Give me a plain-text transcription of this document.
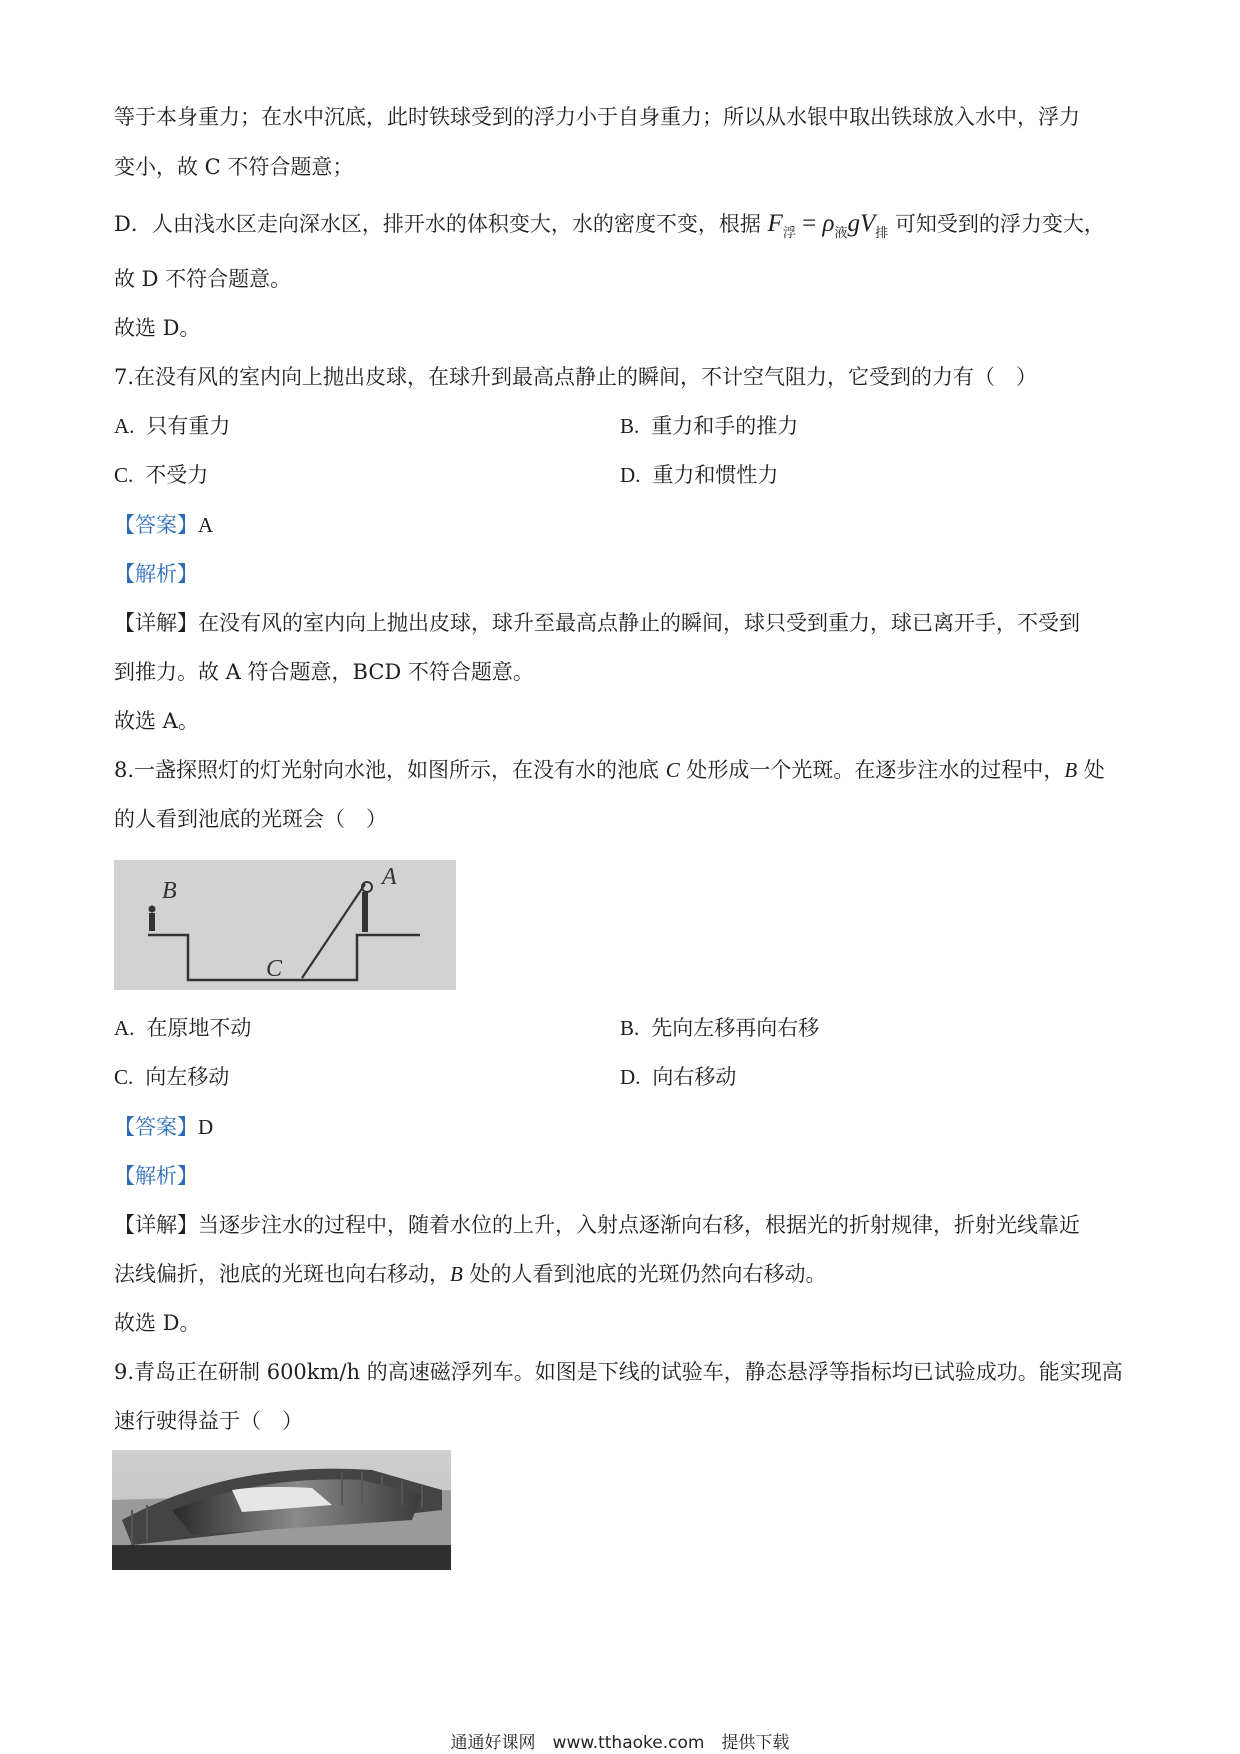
等于本身重力；在水中沉底，此时铁球受到的浮力小于自身重力；所以从水银中取出铁球放入水中，浮力
变小，故 C 不符合题意；
D．人由浅水区走向深水区，排开水的体积变大，水的密度不变，根据 $F_浮 = \rho_液gV_排$ 可知受到的浮力变大，
故 D 不符合题意。
故选 D。
7.在没有风的室内向上抛出皮球，在球升到最高点静止的瞬间，不计空气阻力，它受到的力有（　）
A. 只有重力	B. 重力和手的推力
C. 不受力	D. 重力和惯性力
【答案】A
【解析】
【详解】在没有风的室内向上抛出皮球，球升至最高点静止的瞬间，球只受到重力，球已离开手，不受到
到推力。故 A 符合题意，BCD 不符合题意。
故选 A。
8.一盏探照灯的灯光射向水池，如图所示，在没有水的池底 C 处形成一个光斑。在逐步注水的过程中，B 处
的人看到池底的光斑会（　）
B
A
C
A. 在原地不动	B. 先向左移再向右移
C. 向左移动	D. 向右移动
【答案】D
【解析】
【详解】当逐步注水的过程中，随着水位的上升，入射点逐渐向右移，根据光的折射规律，折射光线靠近
法线偏折，池底的光斑也向右移动，B 处的人看到池底的光斑仍然向右移动。
故选 D。
9.青岛正在研制 600km/h 的高速磁浮列车。如图是下线的试验车，静态悬浮等指标均已试验成功。能实现高
速行驶得益于（　）
通通好课网　www.tthaoke.com　提供下载
